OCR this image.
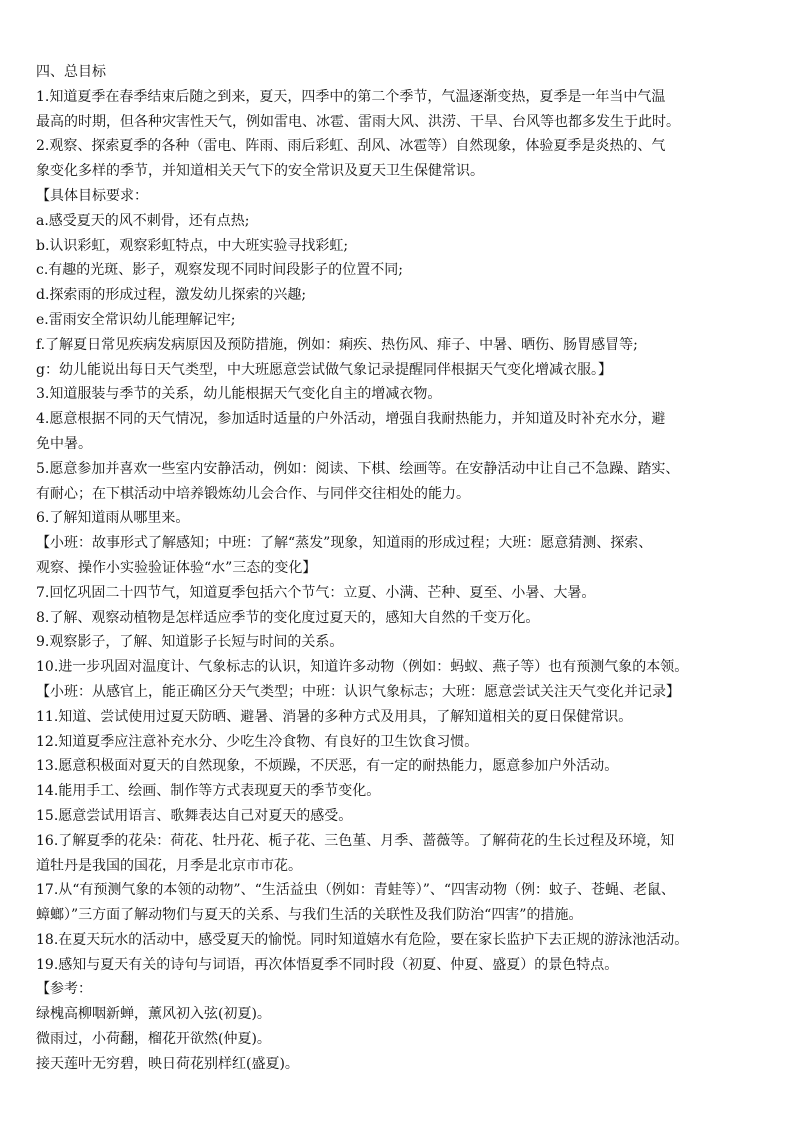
四、总目标
1.知道夏季在春季结束后随之到来，夏天，四季中的第二个季节，气温逐渐变热，夏季是一年当中气温
最高的时期，但各种灾害性天气，例如雷电、冰雹、雷雨大风、洪涝、干旱、台风等也都多发生于此时。
2.观察、探索夏季的各种（雷电、阵雨、雨后彩虹、刮风、冰雹等）自然现象，体验夏季是炎热的、气
象变化多样的季节，并知道相关天气下的安全常识及夏天卫生保健常识。
【具体目标要求：
a.感受夏天的风不刺骨，还有点热;
b.认识彩虹，观察彩虹特点，中大班实验寻找彩虹;
c.有趣的光斑、影子，观察发现不同时间段影子的位置不同;
d.探索雨的形成过程，激发幼儿探索的兴趣;
e.雷雨安全常识幼儿能理解记牢;
f.了解夏日常见疾病发病原因及预防措施，例如：痢疾、热伤风、痱子、中暑、晒伤、肠胃感冒等;
g：幼儿能说出每日天气类型，中大班愿意尝试做气象记录提醒同伴根据天气变化增减衣服。】
3.知道服装与季节的关系，幼儿能根据天气变化自主的增减衣物。
4.愿意根据不同的天气情况，参加适时适量的户外活动，增强自我耐热能力，并知道及时补充水分，避
免中暑。
5.愿意参加并喜欢一些室内安静活动，例如：阅读、下棋、绘画等。在安静活动中让自己不急躁、踏实、
有耐心；在下棋活动中培养锻炼幼儿会合作、与同伴交往相处的能力。
6.了解知道雨从哪里来。
【小班：故事形式了解感知；中班：了解“蒸发”现象，知道雨的形成过程；大班：愿意猜测、探索、
观察、操作小实验验证体验“水”三态的变化】
7.回忆巩固二十四节气，知道夏季包括六个节气：立夏、小满、芒种、夏至、小暑、大暑。
8.了解、观察动植物是怎样适应季节的变化度过夏天的，感知大自然的千变万化。
9.观察影子，了解、知道影子长短与时间的关系。
10.进一步巩固对温度计、气象标志的认识，知道许多动物（例如：蚂蚁、燕子等）也有预测气象的本领。
【小班：从感官上，能正确区分天气类型；中班：认识气象标志；大班：愿意尝试关注天气变化并记录】
11.知道、尝试使用过夏天防晒、避暑、消暑的多种方式及用具，了解知道相关的夏日保健常识。
12.知道夏季应注意补充水分、少吃生冷食物、有良好的卫生饮食习惯。
13.愿意积极面对夏天的自然现象，不烦躁，不厌恶，有一定的耐热能力，愿意参加户外活动。
14.能用手工、绘画、制作等方式表现夏天的季节变化。
15.愿意尝试用语言、歌舞表达自己对夏天的感受。
16.了解夏季的花朵：荷花、牡丹花、栀子花、三色堇、月季、蔷薇等。了解荷花的生长过程及环境，知
道牡丹是我国的国花，月季是北京市市花。
17.从“有预测气象的本领的动物”、“生活益虫（例如：青蛙等）”、“四害动物（例：蚊子、苍蝇、老鼠、
蟑螂）”三方面了解动物们与夏天的关系、与我们生活的关联性及我们防治“四害”的措施。
18.在夏天玩水的活动中，感受夏天的愉悦。同时知道嬉水有危险，要在家长监护下去正规的游泳池活动。
19.感知与夏天有关的诗句与词语，再次体悟夏季不同时段（初夏、仲夏、盛夏）的景色特点。
【参考：
绿槐高柳咽新蝉，薰风初入弦(初夏)。
微雨过，小荷翻，榴花开欲然(仲夏)。
接天莲叶无穷碧，映日荷花别样红(盛夏)。
